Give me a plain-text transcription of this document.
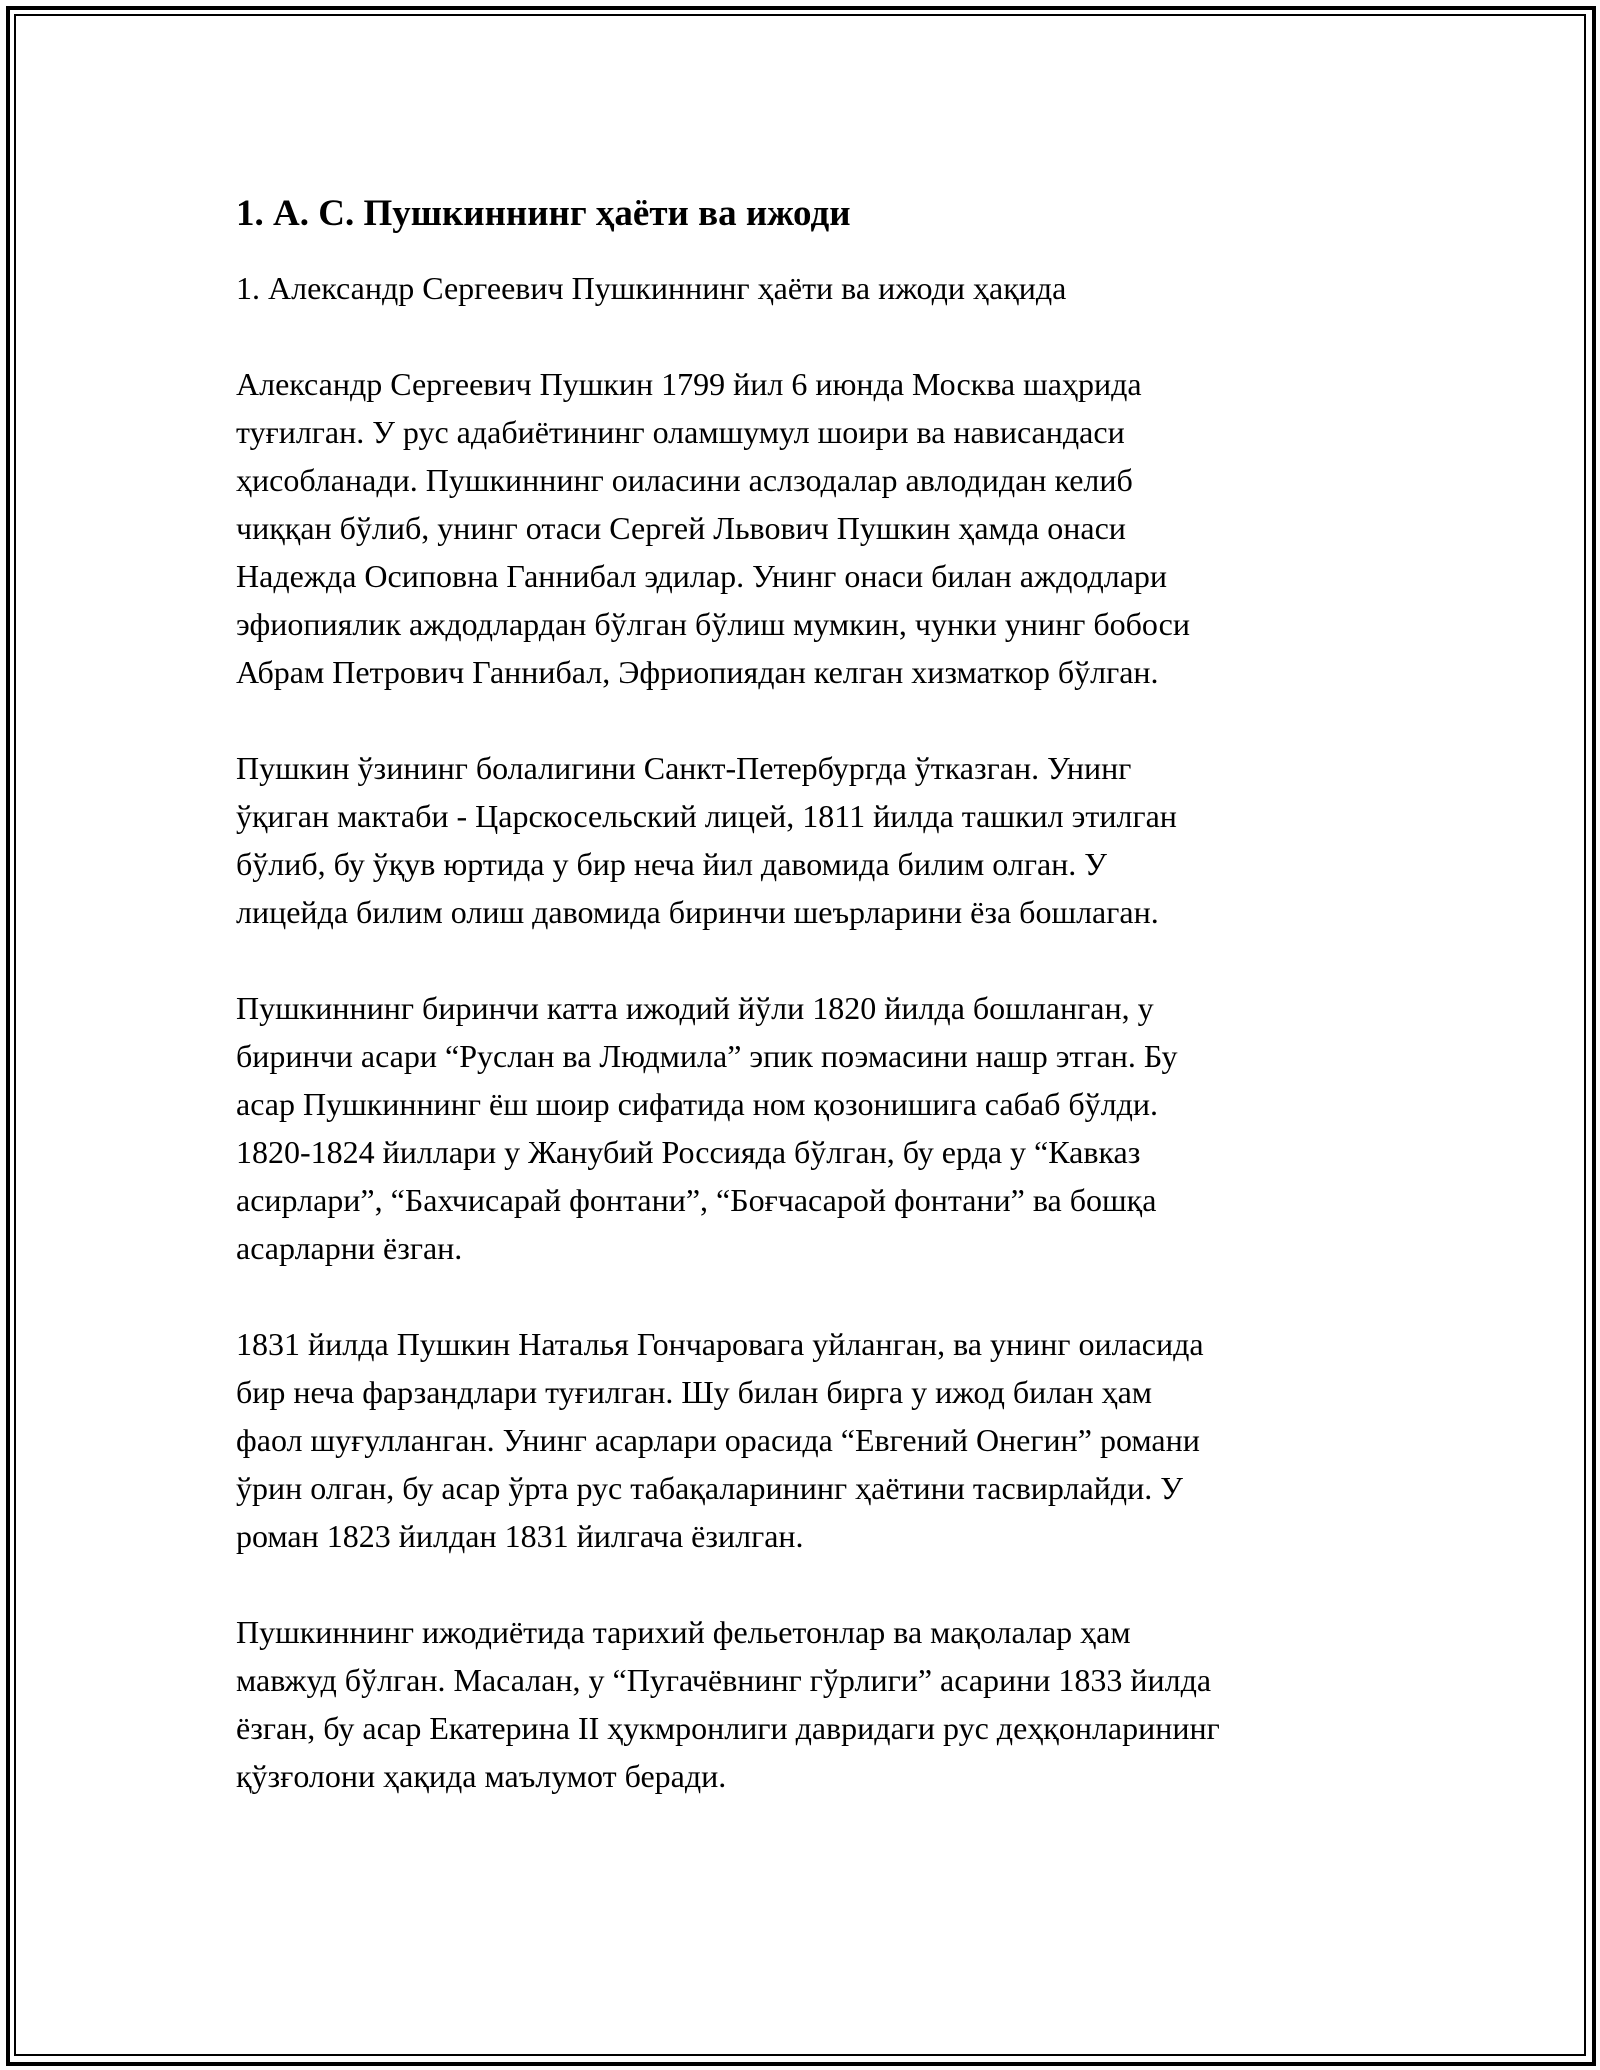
1. А. С. Пушкиннинг ҳаёти ва ижоди

1. Александр Сергеевич Пушкиннинг ҳаёти ва ижоди ҳақида

Александр Сергеевич Пушкин 1799 йил 6 июнда Москва шаҳрида
туғилган. У рус адабиётининг оламшумул шоири ва нависандаси
ҳисобланади. Пушкиннинг оиласини аслзодалар авлодидан келиб
чиққан бўлиб, унинг отаси Сергей Львович Пушкин ҳамда онаси
Надежда Осиповна Ганнибал эдилар. Унинг онаси билан аждодлари
эфиопиялик аждодлардан бўлган бўлиш мумкин, чунки унинг бобоси
Абрам Петрович Ганнибал, Эфриопиядан келган хизматкор бўлган.

Пушкин ўзининг болалигини Санкт-Петербургда ўтказган. Унинг
ўқиган мактаби - Царскосельский лицей, 1811 йилда ташкил этилган
бўлиб, бу ўқув юртида у бир неча йил давомида билим олган. У
лицейда билим олиш давомида биринчи шеърларини ёза бошлаган.

Пушкиннинг биринчи катта ижодий йўли 1820 йилда бошланган, у
биринчи асари “Руслан ва Людмила” эпик поэмасини нашр этган. Бу
асар Пушкиннинг ёш шоир сифатида ном қозонишига сабаб бўлди.
1820-1824 йиллари у Жанубий Россияда бўлган, бу ерда у “Кавказ
асирлари”, “Бахчисарай фонтани”, “Боғчасарой фонтани” ва бошқа
асарларни ёзган.

1831 йилда Пушкин Наталья Гончаровага уйланган, ва унинг оиласида
бир неча фарзандлари туғилган. Шу билан бирга у ижод билан ҳам
фаол шуғулланган. Унинг асарлари орасида “Евгений Онегин” романи
ўрин олган, бу асар ўрта рус табақаларининг ҳаётини тасвирлайди. У
роман 1823 йилдан 1831 йилгача ёзилган.

Пушкиннинг ижодиётида тарихий фельетонлар ва мақолалар ҳам
мавжуд бўлган. Масалан, у “Пугачёвнинг гўрлиги” асарини 1833 йилда
ёзган, бу асар Екатерина II ҳукмронлиги давридаги рус деҳқонларининг
қўзғолони ҳақида маълумот беради.
